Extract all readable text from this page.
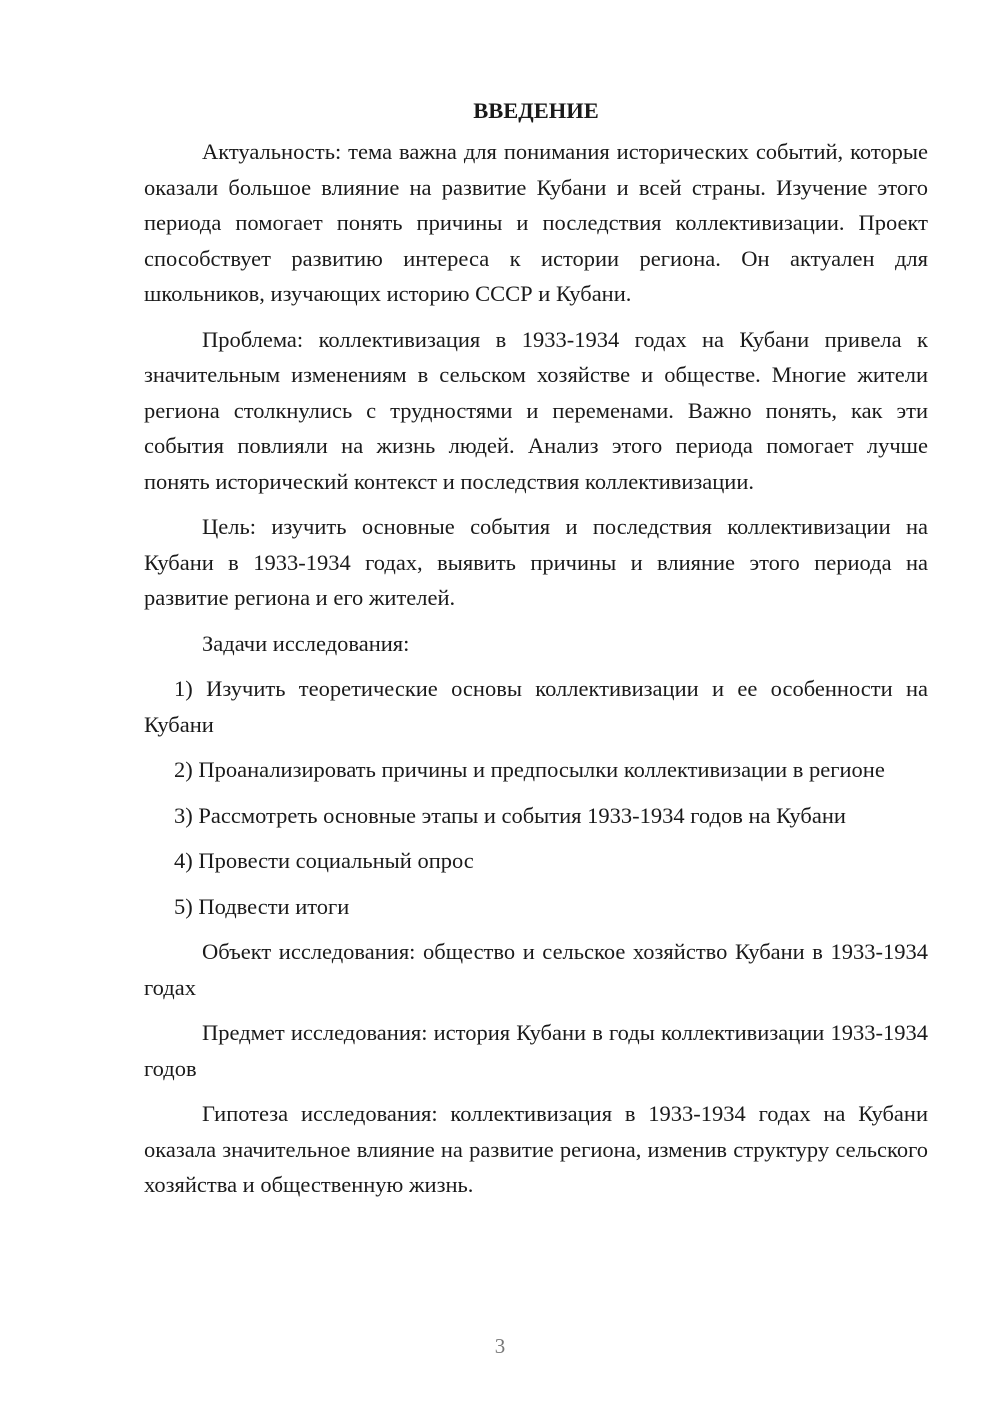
ВВЕДЕНИЕ

Актуальность: тема важна для понимания исторических событий, которые оказали большое влияние на развитие Кубани и всей страны. Изучение этого периода помогает понять причины и последствия коллективизации. Проект способствует развитию интереса к истории региона. Он актуален для школьников, изучающих историю СССР и Кубани.

Проблема: коллективизация в 1933-1934 годах на Кубани привела к значительным изменениям в сельском хозяйстве и обществе. Многие жители региона столкнулись с трудностями и переменами. Важно понять, как эти события повлияли на жизнь людей. Анализ этого периода помогает лучше понять исторический контекст и последствия коллективизации.

Цель: изучить основные события и последствия коллективизации на Кубани в 1933-1934 годах, выявить причины и влияние этого периода на развитие региона и его жителей.

Задачи исследования:

1) Изучить теоретические основы коллективизации и ее особенности на Кубани

2) Проанализировать причины и предпосылки коллективизации в регионе

3) Рассмотреть основные этапы и события 1933-1934 годов на Кубани

4) Провести социальный опрос

5) Подвести итоги

Объект исследования: общество и сельское хозяйство Кубани в 1933-1934 годах

Предмет исследования: история Кубани в годы коллективизации 1933-1934 годов

Гипотеза исследования: коллективизация в 1933-1934 годах на Кубани оказала значительное влияние на развитие региона, изменив структуру сельского хозяйства и общественную жизнь.

3
